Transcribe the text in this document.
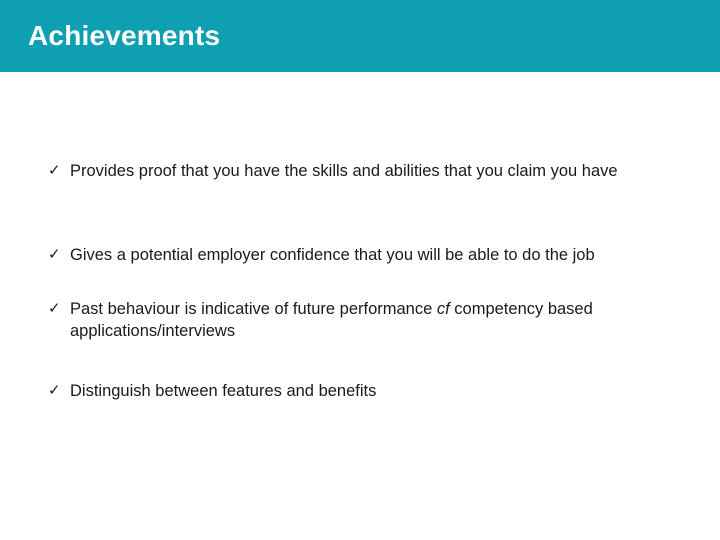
Achievements
✓ Provides proof that you have the skills and abilities that you claim you have
✓ Gives a potential employer confidence that you will be able to do the job
✓ Past behaviour is indicative of future performance cf competency based applications/interviews
✓ Distinguish between features and benefits
